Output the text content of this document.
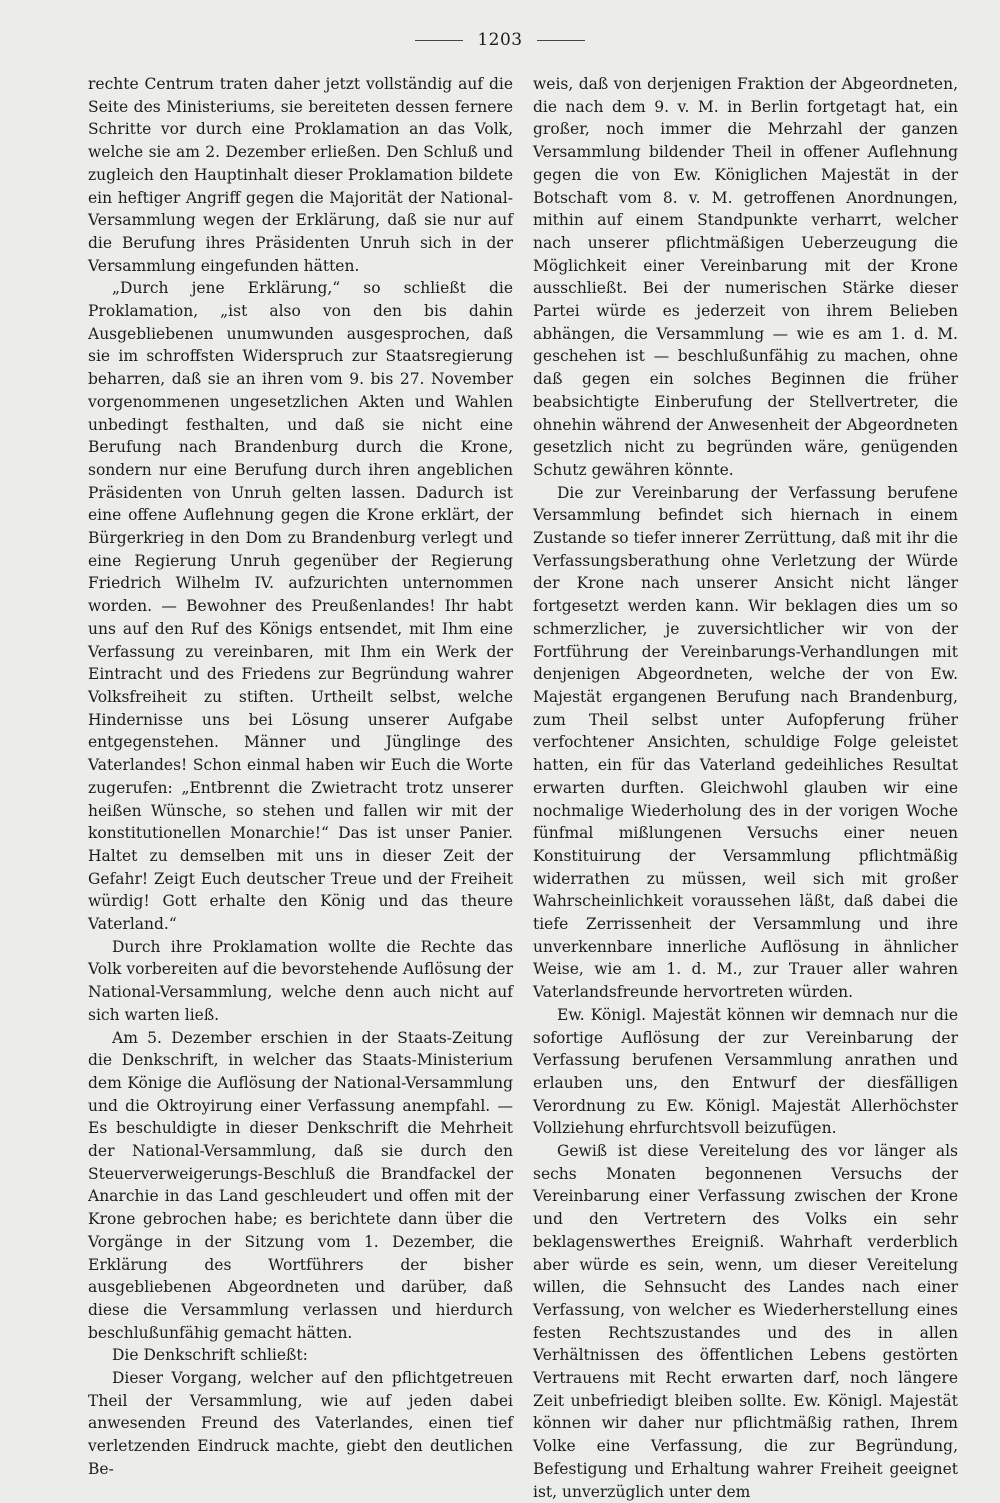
1203

rechte Centrum traten daher jetzt vollständig auf die Seite des Ministeriums, sie bereiteten dessen fernere Schritte vor durch eine Proklamation an das Volk, welche sie am 2. Dezember erließen. Den Schluß und zugleich den Hauptinhalt dieser Proklamation bildete ein heftiger Angriff gegen die Majorität der National-Versammlung wegen der Erklärung, daß sie nur auf die Berufung ihres Präsidenten Unruh sich in der Versammlung eingefunden hätten.

„Durch jene Erklärung,“ so schließt die Proklamation, „ist also von den bis dahin Ausgebliebenen unumwunden ausgesprochen, daß sie im schroffsten Widerspruch zur Staatsregierung beharren, daß sie an ihren vom 9. bis 27. November vorgenommenen ungesetzlichen Akten und Wahlen unbedingt festhalten, und daß sie nicht eine Berufung nach Brandenburg durch die Krone, sondern nur eine Berufung durch ihren angeblichen Präsidenten von Unruh gelten lassen. Dadurch ist eine offene Auflehnung gegen die Krone erklärt, der Bürgerkrieg in den Dom zu Brandenburg verlegt und eine Regierung Unruh gegenüber der Regierung Friedrich Wilhelm IV. aufzurichten unternommen worden. — Bewohner des Preußenlandes! Ihr habt uns auf den Ruf des Königs entsendet, mit Ihm eine Verfassung zu vereinbaren, mit Ihm ein Werk der Eintracht und des Friedens zur Begründung wahrer Volksfreiheit zu stiften. Urtheilt selbst, welche Hindernisse uns bei Lösung unserer Aufgabe entgegenstehen. Männer und Jünglinge des Vaterlandes! Schon einmal haben wir Euch die Worte zugerufen: „Entbrennt die Zwietracht trotz unserer heißen Wünsche, so stehen und fallen wir mit der konstitutionellen Monarchie!“ Das ist unser Panier. Haltet zu demselben mit uns in dieser Zeit der Gefahr! Zeigt Euch deutscher Treue und der Freiheit würdig! Gott erhalte den König und das theure Vaterland.“

Durch ihre Proklamation wollte die Rechte das Volk vorbereiten auf die bevorstehende Auflösung der National-Versammlung, welche denn auch nicht auf sich warten ließ.

Am 5. Dezember erschien in der Staats-Zeitung die Denkschrift, in welcher das Staats-Ministerium dem Könige die Auflösung der National-Versammlung und die Oktroyirung einer Verfassung anempfahl. — Es beschuldigte in dieser Denkschrift die Mehrheit der National-Versammlung, daß sie durch den Steuerverweigerungs-Beschluß die Brandfackel der Anarchie in das Land geschleudert und offen mit der Krone gebrochen habe; es berichtete dann über die Vorgänge in der Sitzung vom 1. Dezember, die Erklärung des Wortführers der bisher ausgebliebenen Abgeordneten und darüber, daß diese die Versammlung verlassen und hierdurch beschlußunfähig gemacht hätten.

Die Denkschrift schließt:

Dieser Vorgang, welcher auf den pflichtgetreuen Theil der Versammlung, wie auf jeden dabei anwesenden Freund des Vaterlandes, einen tief verletzenden Eindruck machte, giebt den deutlichen Be-

weis, daß von derjenigen Fraktion der Abgeordneten, die nach dem 9. v. M. in Berlin fortgetagt hat, ein großer, noch immer die Mehrzahl der ganzen Versammlung bildender Theil in offener Auflehnung gegen die von Ew. Königlichen Majestät in der Botschaft vom 8. v. M. getroffenen Anordnungen, mithin auf einem Standpunkte verharrt, welcher nach unserer pflichtmäßigen Ueberzeugung die Möglichkeit einer Vereinbarung mit der Krone ausschließt. Bei der numerischen Stärke dieser Partei würde es jederzeit von ihrem Belieben abhängen, die Versammlung — wie es am 1. d. M. geschehen ist — beschlußunfähig zu machen, ohne daß gegen ein solches Beginnen die früher beabsichtigte Einberufung der Stellvertreter, die ohnehin während der Anwesenheit der Abgeordneten gesetzlich nicht zu begründen wäre, genügenden Schutz gewähren könnte.

Die zur Vereinbarung der Verfassung berufene Versammlung befindet sich hiernach in einem Zustande so tiefer innerer Zerrüttung, daß mit ihr die Verfassungsberathung ohne Verletzung der Würde der Krone nach unserer Ansicht nicht länger fortgesetzt werden kann. Wir beklagen dies um so schmerzlicher, je zuversichtlicher wir von der Fortführung der Vereinbarungs-Verhandlungen mit denjenigen Abgeordneten, welche der von Ew. Majestät ergangenen Berufung nach Brandenburg, zum Theil selbst unter Aufopferung früher verfochtener Ansichten, schuldige Folge geleistet hatten, ein für das Vaterland gedeihliches Resultat erwarten durften. Gleichwohl glauben wir eine nochmalige Wiederholung des in der vorigen Woche fünfmal mißlungenen Versuchs einer neuen Konstituirung der Versammlung pflichtmäßig widerrathen zu müssen, weil sich mit großer Wahrscheinlichkeit voraussehen läßt, daß dabei die tiefe Zerrissenheit der Versammlung und ihre unverkennbare innerliche Auflösung in ähnlicher Weise, wie am 1. d. M., zur Trauer aller wahren Vaterlandsfreunde hervortreten würden.

Ew. Königl. Majestät können wir demnach nur die sofortige Auflösung der zur Vereinbarung der Verfassung berufenen Versammlung anrathen und erlauben uns, den Entwurf der diesfälligen Verordnung zu Ew. Königl. Majestät Allerhöchster Vollziehung ehrfurchtsvoll beizufügen.

Gewiß ist diese Vereitelung des vor länger als sechs Monaten begonnenen Versuchs der Vereinbarung einer Verfassung zwischen der Krone und den Vertretern des Volks ein sehr beklagenswerthes Ereigniß. Wahrhaft verderblich aber würde es sein, wenn, um dieser Vereitelung willen, die Sehnsucht des Landes nach einer Verfassung, von welcher es Wiederherstellung eines festen Rechtszustandes und des in allen Verhältnissen des öffentlichen Lebens gestörten Vertrauens mit Recht erwarten darf, noch längere Zeit unbefriedigt bleiben sollte. Ew. Königl. Majestät können wir daher nur pflichtmäßig rathen, Ihrem Volke eine Verfassung, die zur Begründung, Befestigung und Erhaltung wahrer Freiheit geeignet ist, unverzüglich unter dem
